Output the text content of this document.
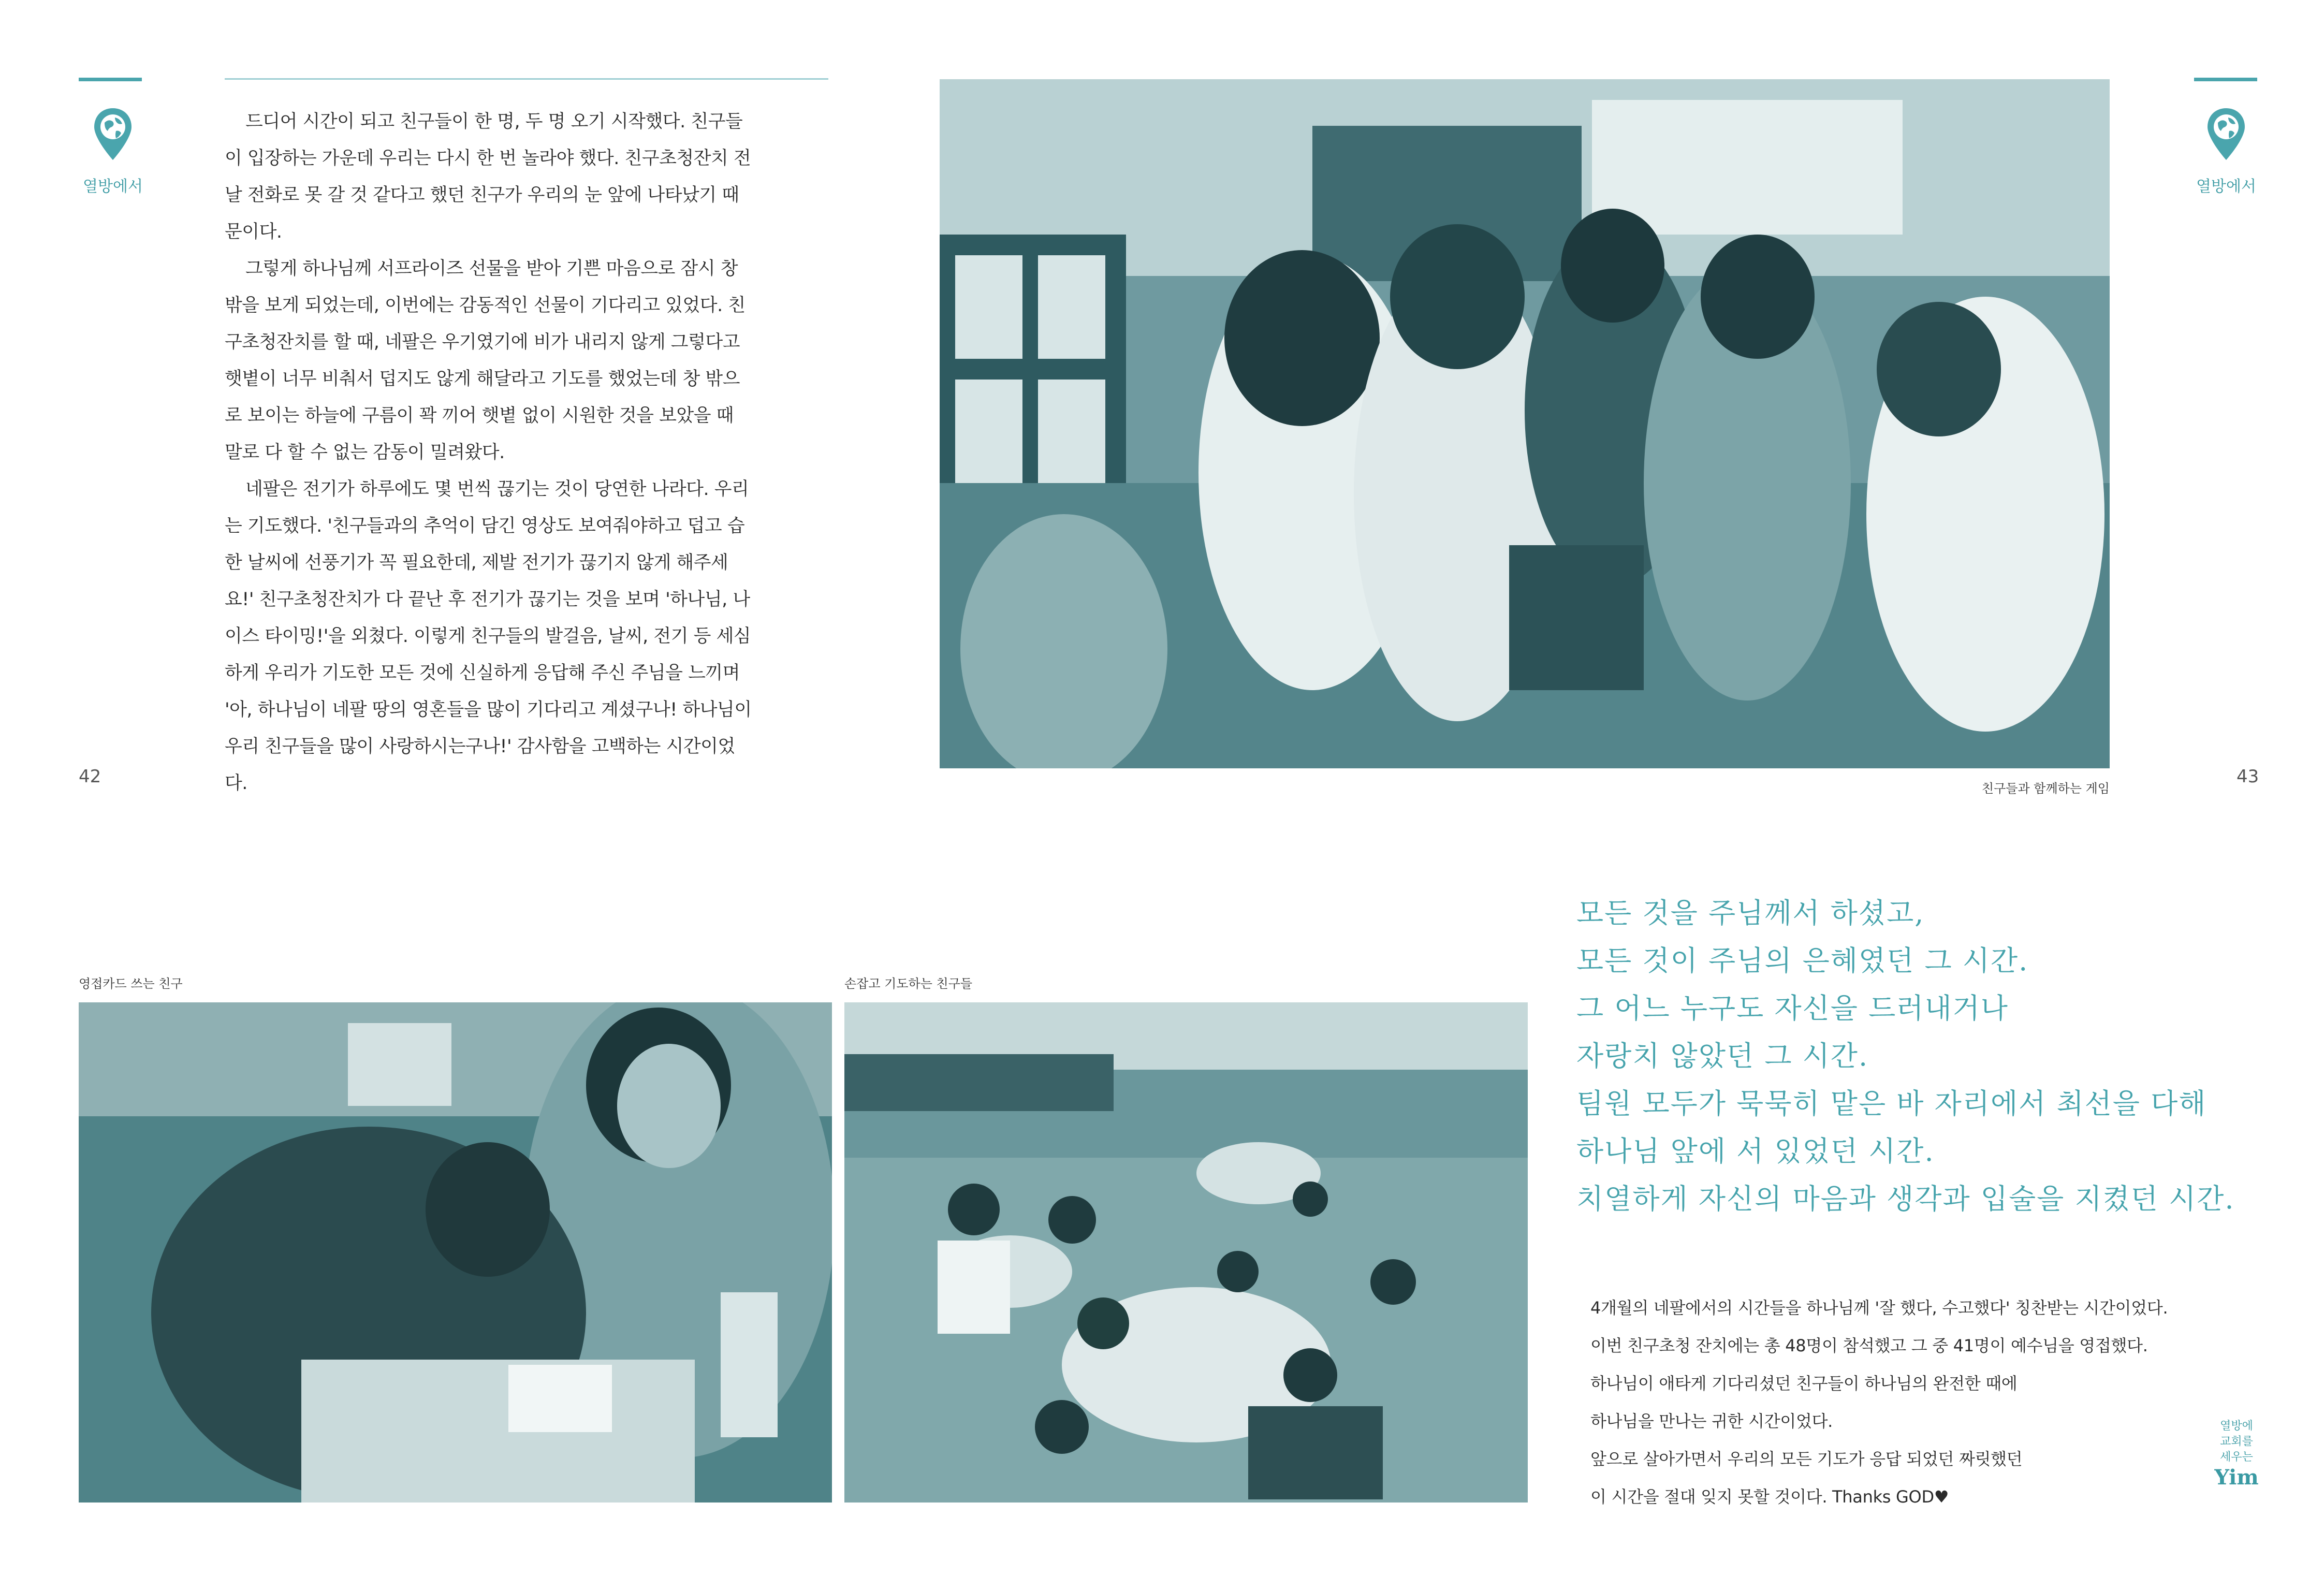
열방에서

드디어 시간이 되고 친구들이 한 명, 두 명 오기 시작했다. 친구들이 입장하는 가운데 우리는 다시 한 번 놀라야 했다. 친구초청잔치 전 날 전화로 못 갈 것 같다고 했던 친구가 우리의 눈 앞에 나타났기 때문이다.

그렇게 하나님께 서프라이즈 선물을 받아 기쁜 마음으로 잠시 창 밖을 보게 되었는데, 이번에는 감동적인 선물이 기다리고 있었다. 친구초청잔치를 할 때, 네팔은 우기였기에 비가 내리지 않게 그렇다고 햇볕이 너무 비춰서 덥지도 않게 해달라고 기도를 했었는데 창 밖으로 보이는 하늘에 구름이 꽉 끼어 햇볕 없이 시원한 것을 보았을 때 말로 다 할 수 없는 감동이 밀려왔다.

네팔은 전기가 하루에도 몇 번씩 끊기는 것이 당연한 나라다. 우리는 기도했다. '친구들과의 추억이 담긴 영상도 보여줘야하고 덥고 습한 날씨에 선풍기가 꼭 필요한데, 제발 전기가 끊기지 않게 해주세요!' 친구초청잔치가 다 끝난 후 전기가 끊기는 것을 보며 '하나님, 나이스 타이밍!'을 외쳤다. 이렇게 친구들의 발걸음, 날씨, 전기 등 세심하게 우리가 기도한 모든 것에 신실하게 응답해 주신 주님을 느끼며 '아, 하나님이 네팔 땅의 영혼들을 많이 기다리고 계셨구나! 하나님이 우리 친구들을 많이 사랑하시는구나!' 감사함을 고백하는 시간이었다.

42
열방에서
친구들과 함께하는 게임
43
영접카드 쓰는 친구	손잡고 기도하는 친구들
모든 것을 주님께서 하셨고,
모든 것이 주님의 은혜였던 그 시간.
그 어느 누구도 자신을 드러내거나
자랑치 않았던 그 시간.
팀원 모두가 묵묵히 맡은 바 자리에서 최선을 다해
하나님 앞에 서 있었던 시간.
치열하게 자신의 마음과 생각과 입술을 지켰던 시간.
4개월의 네팔에서의 시간들을 하나님께 '잘 했다, 수고했다' 칭찬받는 시간이었다.
이번 친구초청 잔치에는 총 48명이 참석했고 그 중 41명이 예수님을 영접했다.
하나님이 애타게 기다리셨던 친구들이 하나님의 완전한 때에
하나님을 만나는 귀한 시간이었다.
앞으로 살아가면서 우리의 모든 기도가 응답 되었던 짜릿했던
이 시간을 절대 잊지 못할 것이다. Thanks GOD♥
열방에
교회를
세우는
Yim
